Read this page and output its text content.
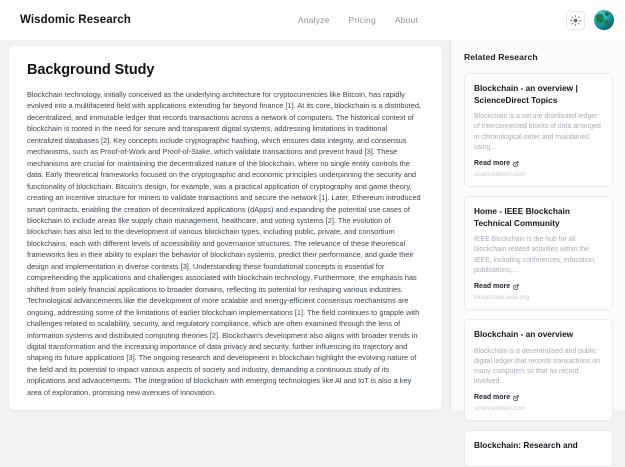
Wisdomic Research	Analyze Pricing About
Background Study
Blockchain technology, initially conceived as the underlying architecture for cryptocurrencies like Bitcoin, has rapidly evolved into a multifaceted field with applications extending far beyond finance [1]. At its core, blockchain is a distributed, decentralized, and immutable ledger that records transactions across a network of computers. The historical context of blockchain is rooted in the need for secure and transparent digital systems, addressing limitations in traditional centralized databases [2]. Key concepts include cryptographic hashing, which ensures data integrity, and consensus mechanisms, such as Proof-of-Work and Proof-of-Stake, which validate transactions and prevent fraud [3]. These mechanisms are crucial for maintaining the decentralized nature of the blockchain, where no single entity controls the data. Early theoretical frameworks focused on the cryptographic and economic principles underpinning the security and functionality of blockchain. Bitcoin's design, for example, was a practical application of cryptography and game theory, creating an incentive structure for miners to validate transactions and secure the network [1]. Later, Ethereum introduced smart contracts, enabling the creation of decentralized applications (dApps) and expanding the potential use cases of blockchain to include areas like supply chain management, healthcare, and voting systems [2]. The evolution of blockchain has also led to the development of various blockchain types, including public, private, and consortium blockchains, each with different levels of accessibility and governance structures. The relevance of these theoretical frameworks lies in their ability to explain the behavior of blockchain systems, predict their performance, and guide their design and implementation in diverse contexts [3]. Understanding these foundational concepts is essential for comprehending the applications and challenges associated with blockchain technology. Furthermore, the emphasis has shifted from solely financial applications to broader domains, reflecting its potential for reshaping various industries. Technological advancements like the development of more scalable and energy-efficient consensus mechanisms are ongoing, addressing some of the limitations of earlier blockchain implementations [1]. The field continues to grapple with challenges related to scalability, security, and regulatory compliance, which are often examined through the lens of information systems and distributed computing theories [2]. Blockchain's development also aligns with broader trends in digital transformation and the increasing importance of data privacy and security, further influencing its trajectory and shaping its future applications [3]. The ongoing research and development in blockchain highlight the evolving nature of the field and its potential to impact various aspects of society and industry, demanding a continuous study of its implications and advancements. The integration of blockchain with emerging technologies like Al and IoT is also a key area of exploration, promising new avenues of innovation.
Related Research
Blockchain - an overview | ScienceDirect Topics
Blockchain is a secure distributed ledger of interconnected blocks of data arranged in chronological order and maintained using...
Read more
sciencedirect.com
Home - IEEE Blockchain Technical Community
IEEE Blockchain is the hub for all blockchain related activities within the IEEE, including conferences, education, publications,...
Read more
blockchain.ieee.org
Blockchain - an overview
Blockchain is a decentralised and public digital ledger that records transactions on many computers so that no record involved...
Read more
sciencedirect.com
Blockchain: Research and
